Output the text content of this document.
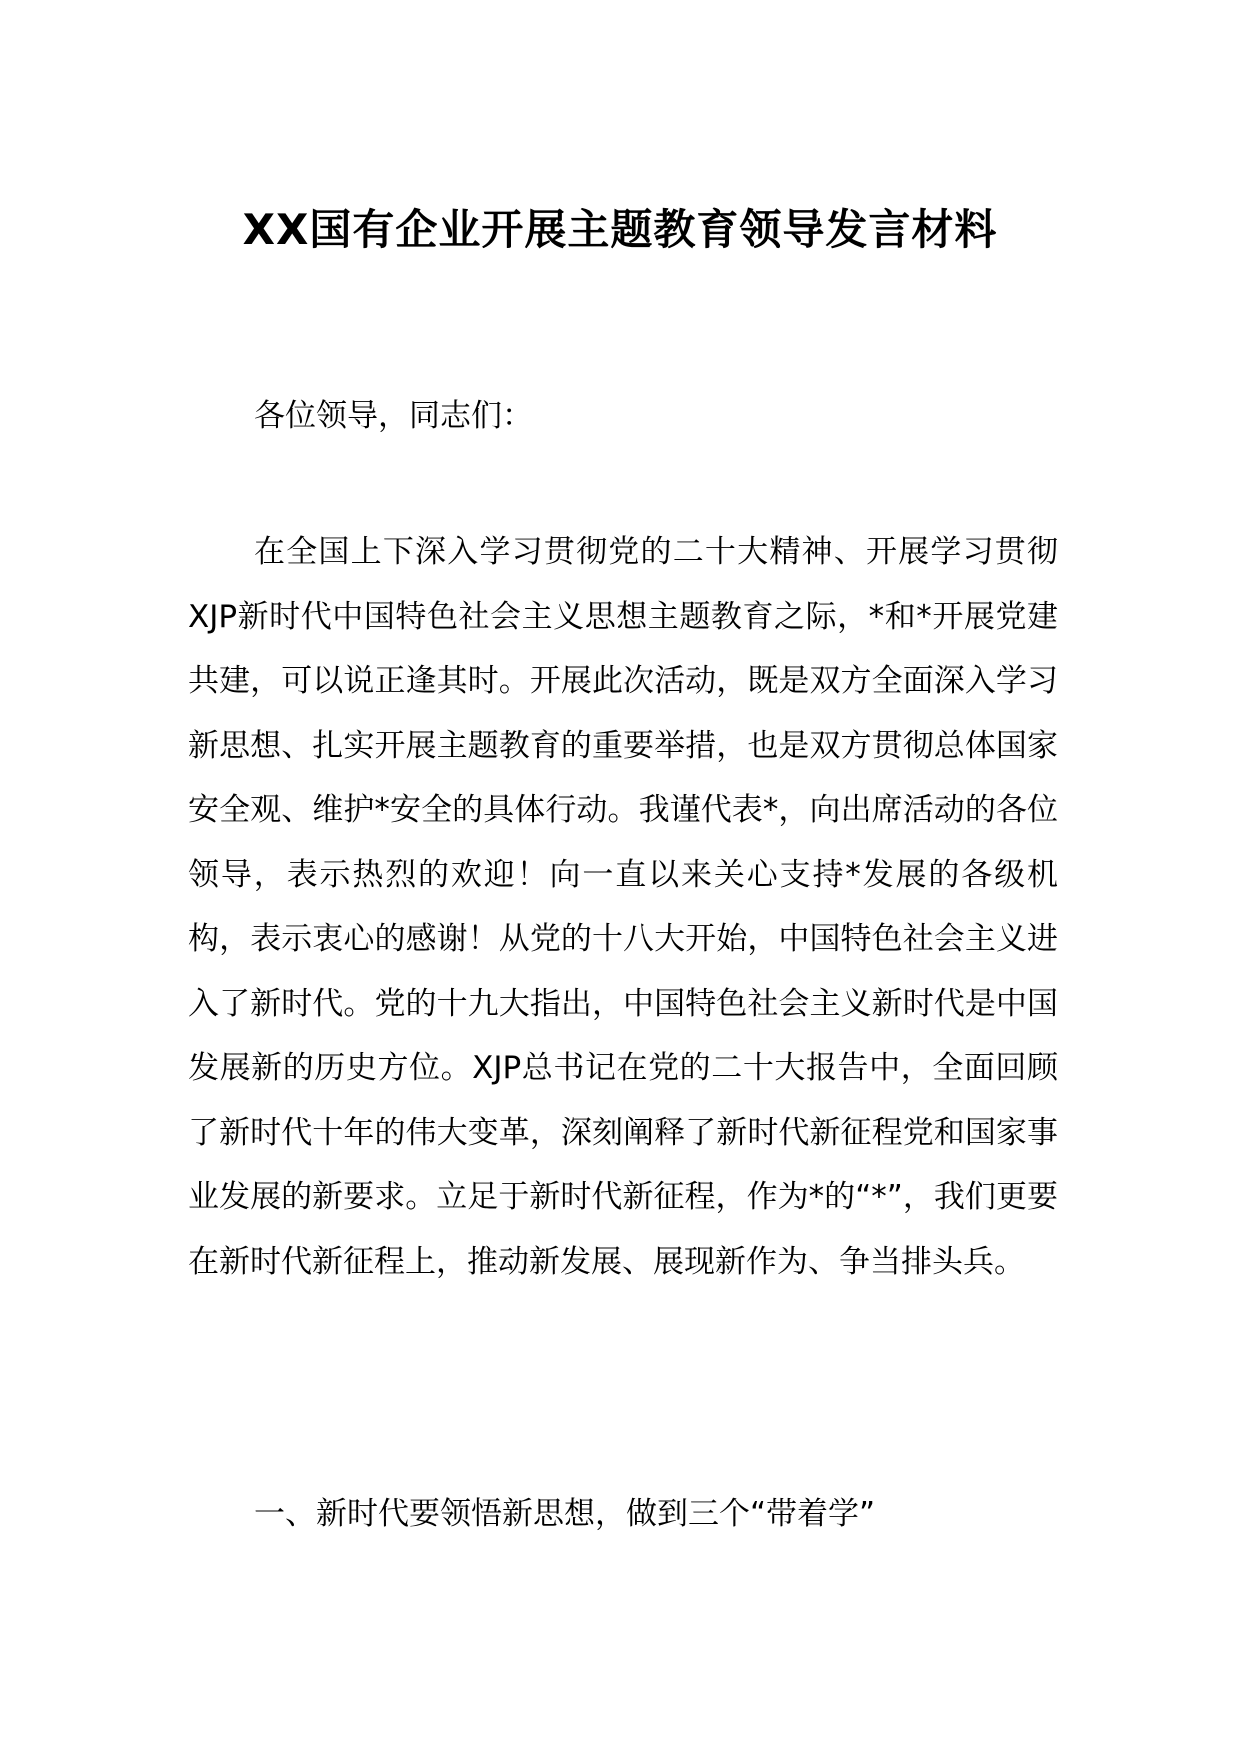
XX国有企业开展主题教育领导发言材料

各位领导，同志们：

在全国上下深入学习贯彻党的二十大精神、开展学习贯彻XJP新时代中国特色社会主义思想主题教育之际，*和*开展党建共建，可以说正逢其时。开展此次活动，既是双方全面深入学习新思想、扎实开展主题教育的重要举措，也是双方贯彻总体国家安全观、维护*安全的具体行动。我谨代表*，向出席活动的各位领导，表示热烈的欢迎！向一直以来关心支持*发展的各级机构，表示衷心的感谢！从党的十八大开始，中国特色社会主义进入了新时代。党的十九大指出，中国特色社会主义新时代是中国发展新的历史方位。XJP总书记在党的二十大报告中，全面回顾了新时代十年的伟大变革，深刻阐释了新时代新征程党和国家事业发展的新要求。立足于新时代新征程，作为*的“*”，我们更要在新时代新征程上，推动新发展、展现新作为、争当排头兵。

一、新时代要领悟新思想，做到三个“带着学”
